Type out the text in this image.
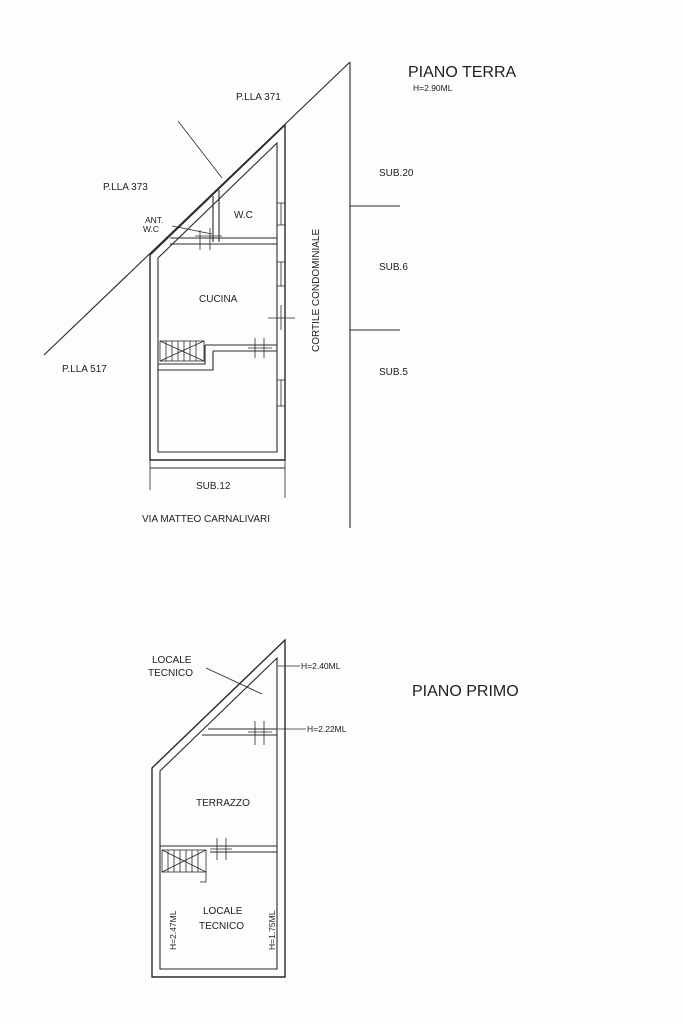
PIANO TERRA
H=2.90ML
P.LLA 371
P.LLA 373
P.LLA 517
ANT.
W.C
W.C
CUCINA	CORTILE CONDOMINIALE
SUB.20
SUB.6
SUB.5
SUB.12
VIA MATTEO CARNALIVARI
PIANO PRIMO
LOCALE
TECNICO
H=2.40ML
H=2.22ML
TERRAZZO
LOCALE
TECNICO
H=2.47ML	H=1.75ML
